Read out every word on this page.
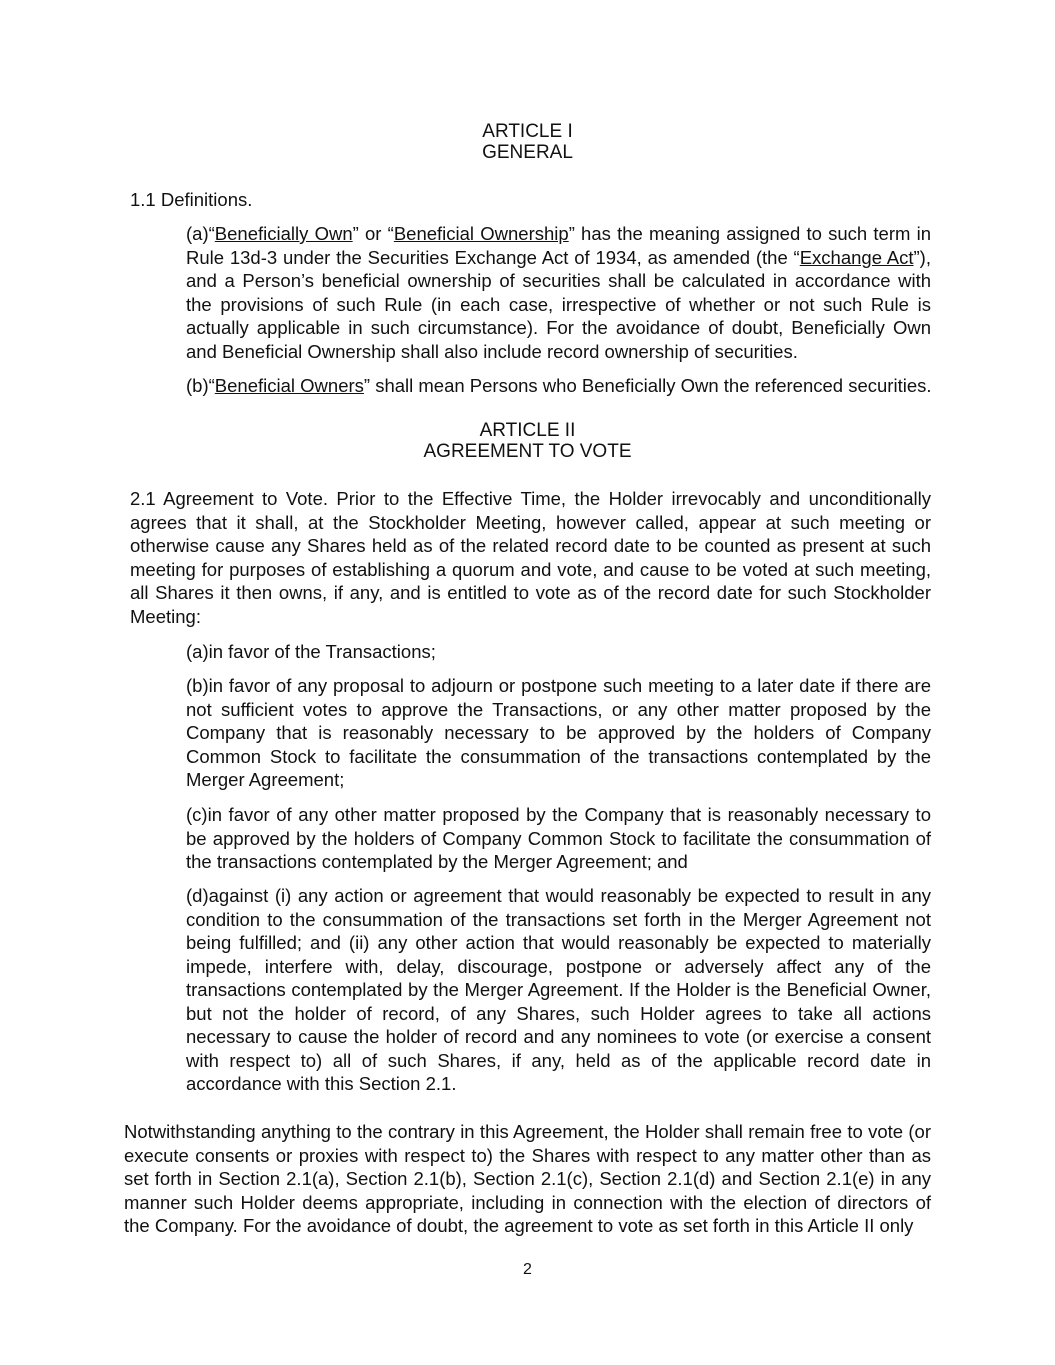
ARTICLE I
GENERAL
1.1 Definitions.
(a)“Beneficially Own” or “Beneficial Ownership” has the meaning assigned to such term in Rule 13d-3 under the Securities Exchange Act of 1934, as amended (the “Exchange Act”), and a Person’s beneficial ownership of securities shall be calculated in accordance with the provisions of such Rule (in each case, irrespective of whether or not such Rule is actually applicable in such circumstance). For the avoidance of doubt, Beneficially Own and Beneficial Ownership shall also include record ownership of securities.
(b)“Beneficial Owners” shall mean Persons who Beneficially Own the referenced securities.
ARTICLE II
AGREEMENT TO VOTE
2.1 Agreement to Vote. Prior to the Effective Time, the Holder irrevocably and unconditionally agrees that it shall, at the Stockholder Meeting, however called, appear at such meeting or otherwise cause any Shares held as of the related record date to be counted as present at such meeting for purposes of establishing a quorum and vote, and cause to be voted at such meeting, all Shares it then owns, if any, and is entitled to vote as of the record date for such Stockholder Meeting:
(a)in favor of the Transactions;
(b)in favor of any proposal to adjourn or postpone such meeting to a later date if there are not sufficient votes to approve the Transactions, or any other matter proposed by the Company that is reasonably necessary to be approved by the holders of Company Common Stock to facilitate the consummation of the transactions contemplated by the Merger Agreement;
(c)in favor of any other matter proposed by the Company that is reasonably necessary to be approved by the holders of Company Common Stock to facilitate the consummation of the transactions contemplated by the Merger Agreement; and
(d)against (i) any action or agreement that would reasonably be expected to result in any condition to the consummation of the transactions set forth in the Merger Agreement not being fulfilled; and (ii) any other action that would reasonably be expected to materially impede, interfere with, delay, discourage, postpone or adversely affect any of the transactions contemplated by the Merger Agreement. If the Holder is the Beneficial Owner, but not the holder of record, of any Shares, such Holder agrees to take all actions necessary to cause the holder of record and any nominees to vote (or exercise a consent with respect to) all of such Shares, if any, held as of the applicable record date in accordance with this Section 2.1.
Notwithstanding anything to the contrary in this Agreement, the Holder shall remain free to vote (or execute consents or proxies with respect to) the Shares with respect to any matter other than as set forth in Section 2.1(a), Section 2.1(b), Section 2.1(c), Section 2.1(d) and Section 2.1(e) in any manner such Holder deems appropriate, including in connection with the election of directors of the Company. For the avoidance of doubt, the agreement to vote as set forth in this Article II only
2
